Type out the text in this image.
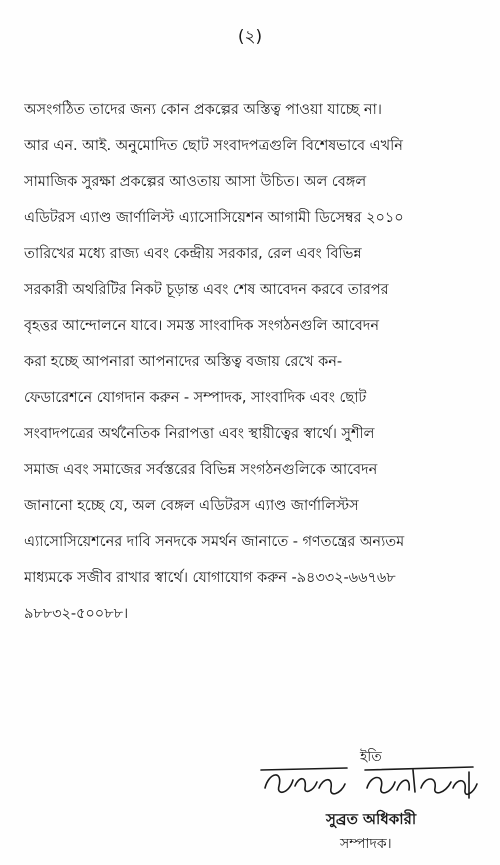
(২)
অসংগঠিত তাদের জন্য কোন প্রকল্পের অস্তিত্ব পাওয়া যাচ্ছে না।
আর এন. আই. অনুমোদিত ছোট সংবাদপত্রগুলি বিশেষভাবে এখনি
সামাজিক সুরক্ষা প্রকল্পের আওতায় আসা উচিত। অল বেঙ্গল
এডিটরস এ্যাণ্ড জার্ণালিস্ট এ্যাসোসিয়েশন আগামী ডিসেম্বর ২০১০
তারিখের মধ্যে রাজ্য এবং কেন্দ্রীয় সরকার, রেল এবং বিভিন্ন
সরকারী অথরিটির নিকট চূড়ান্ত এবং শেষ আবেদন করবে তারপর
বৃহত্তর আন্দোলনে যাবে। সমস্ত সাংবাদিক সংগঠনগুলি আবেদন
করা হচ্ছে আপনারা আপনাদের অস্তিত্ব বজায় রেখে কন-
ফেডারেশনে যোগদান করুন - সম্পাদক, সাংবাদিক এবং ছোট
সংবাদপত্রের অর্থনৈতিক নিরাপত্তা এবং স্থায়ীত্বের স্বার্থে। সুশীল
সমাজ এবং সমাজের সর্বস্তরের বিভিন্ন সংগঠনগুলিকে আবেদন
জানানো হচ্ছে যে, অল বেঙ্গল এডিটরস এ্যাণ্ড জার্ণালিস্টস
এ্যাসোসিয়েশনের দাবি সনদকে সমর্থন জানাতে - গণতন্ত্রের অন্যতম
মাধ্যমকে সজীব রাখার স্বার্থে। যোগাযোগ করুন -৯৪৩৩২-৬৬৭৬৮
৯৮৮৩২-৫০০৮৮।
ইতি
সুব্রত অধিকারী
সম্পাদক।
